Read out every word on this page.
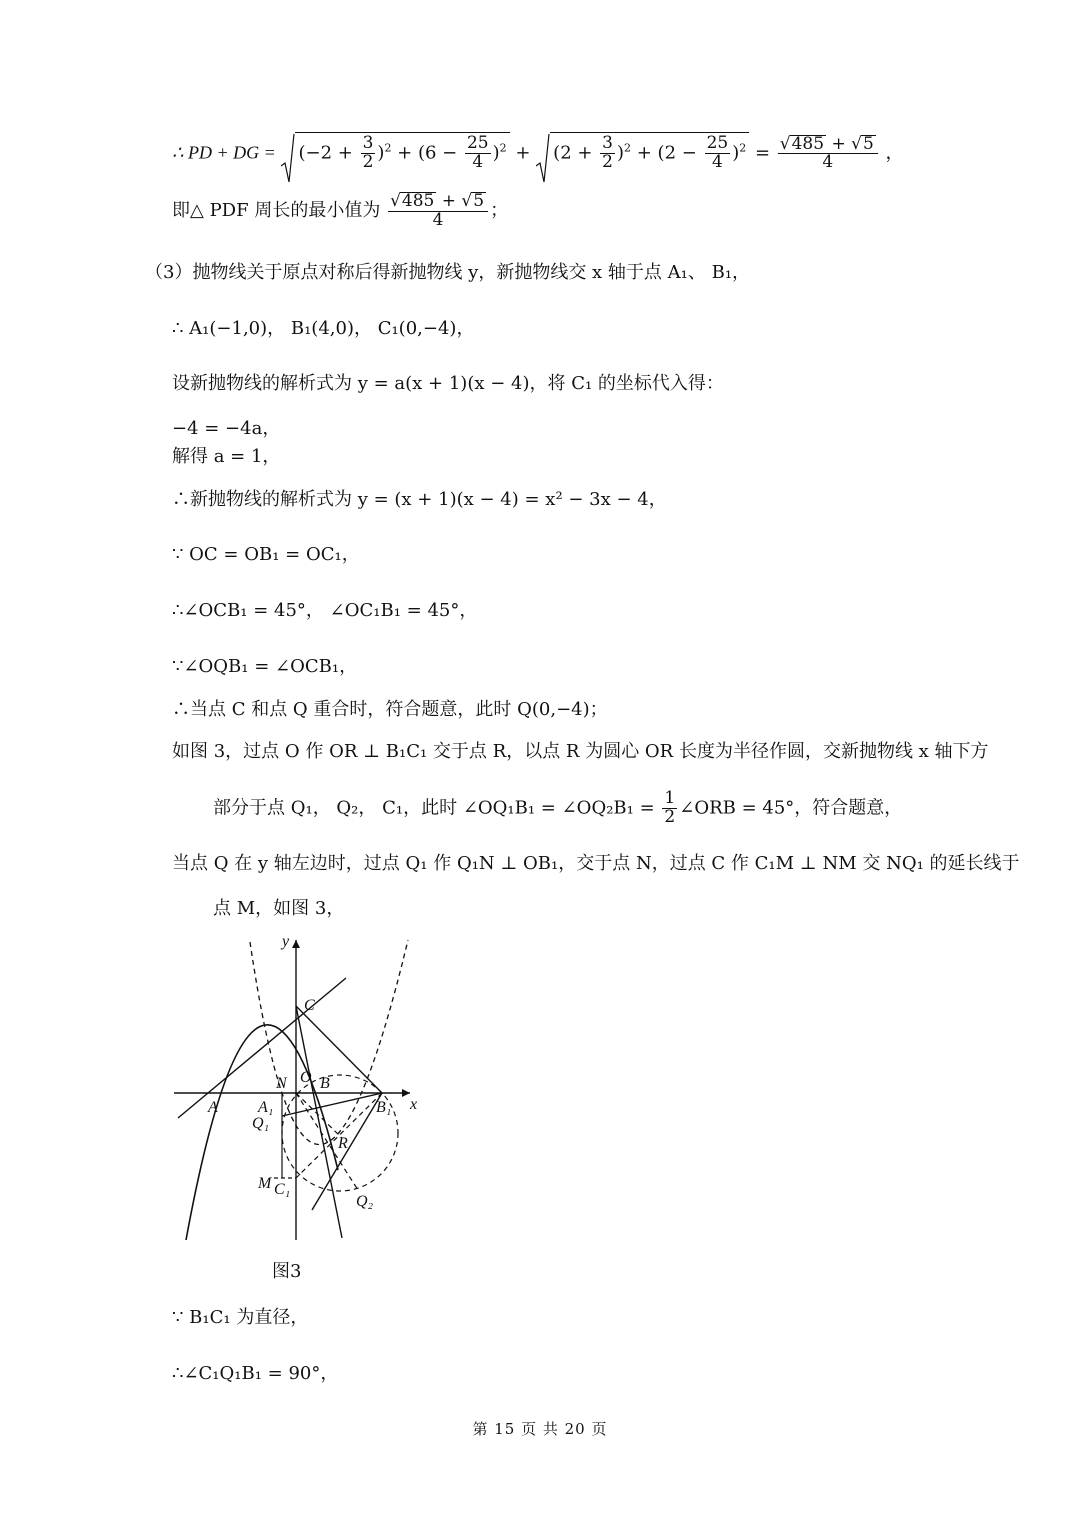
∴ PD + DG = $(-2 + \frac{3}{2} )^2 + (6 - \frac{25}{4} )^2$ +
$(2 + \frac{3}{2} )^2 + (2 - \frac{25}{4} )^2 = \frac{√485 + √5}{4}$ ，
即△ PDF 周长的最小值为 $\frac{√485 + √5}{4}$ ；
（3）抛物线关于原点对称后得新抛物线 y，新抛物线交 x 轴于点 A₁、 B₁，
∴ A₁(−1,0)， B₁(4,0)， C₁(0,−4)，
设新抛物线的解析式为 y = a(x + 1)(x − 4)，将 C₁ 的坐标代入得：
−4 = −4a，
解得 a = 1，
∴新抛物线的解析式为 y = (x + 1)(x − 4) = x² − 3x − 4，
∵ OC = OB₁ = OC₁，
∴∠OCB₁ = 45°， ∠OC₁B₁ = 45°，
∵∠OQB₁ = ∠OCB₁，
∴当点 C 和点 Q 重合时，符合题意，此时 Q(0,−4)；
如图 3，过点 O 作 OR ⊥ B₁C₁ 交于点 R，以点 R 为圆心 OR 长度为半径作圆，交新抛物线 x 轴下方
部分于点 Q₁， Q₂， C₁，此时 ∠OQ₁B₁ = ∠OQ₂B₁ = $\frac{1}{2}$ ∠ORB = 45°，符合题意，
当点 Q 在 y 轴左边时，过点 Q₁ 作 Q₁N ⊥ OB₁，交于点 N，过点 C 作 C₁M ⊥ NM 交 NQ₁ 的延长线于
点 M，如图 3，
y
x
C
N O B
A	A₁	B₁
Q₁
R
M C₁
Q₂
图3
∵ B₁C₁ 为直径，
∴∠C₁Q₁B₁ = 90°，
第 15 页 共 20 页
